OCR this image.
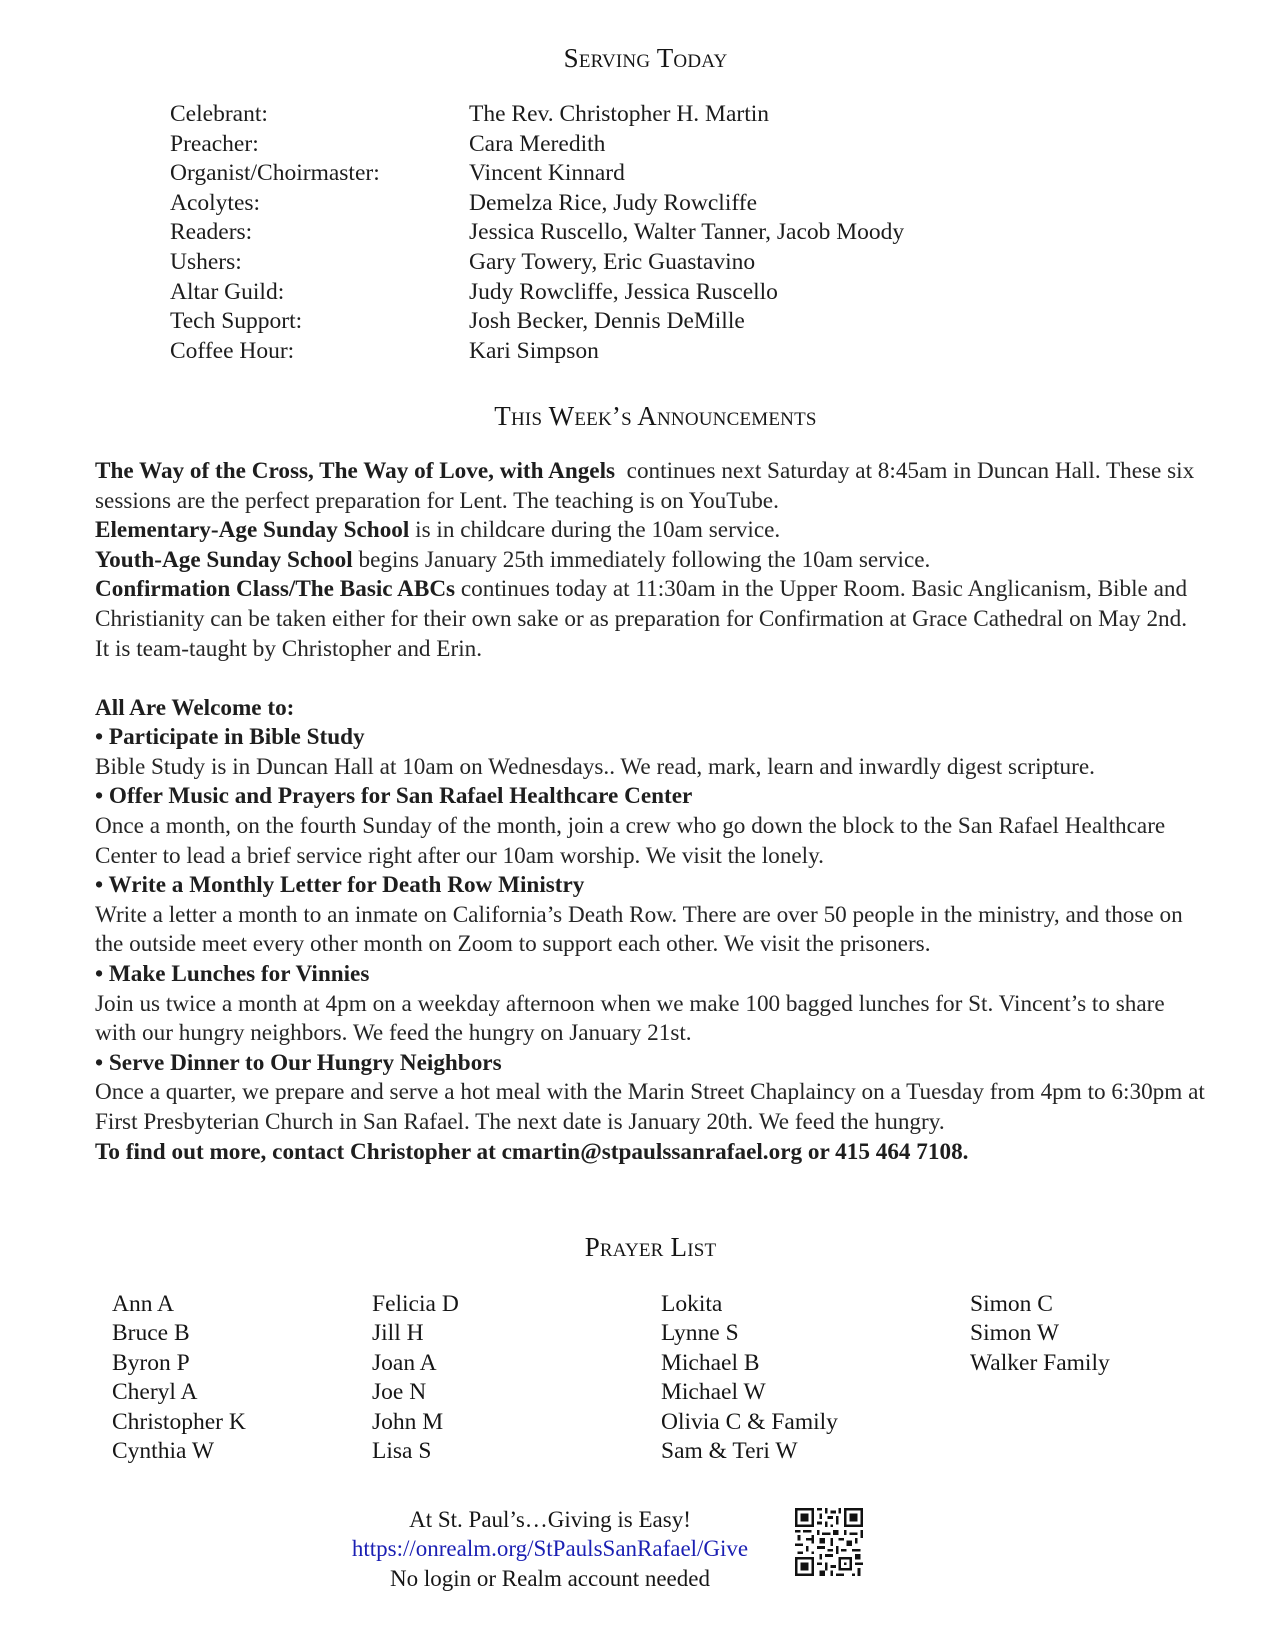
Serving Today
Celebrant:	The Rev. Christopher H. Martin
Preacher:	Cara Meredith
Organist/Choirmaster:	Vincent Kinnard
Acolytes:	Demelza Rice, Judy Rowcliffe
Readers:	Jessica Ruscello, Walter Tanner, Jacob Moody
Ushers:	Gary Towery, Eric Guastavino
Altar Guild:	Judy Rowcliffe, Jessica Ruscello
Tech Support:	Josh Becker, Dennis DeMille
Coffee Hour:	Kari Simpson
This Week’s Announcements

The Way of the Cross, The Way of Love, with Angels  continues next Saturday at 8:45am in Duncan Hall. These six sessions are the perfect preparation for Lent. The teaching is on YouTube.

Elementary-Age Sunday School is in childcare during the 10am service.

Youth-Age Sunday School begins January 25th immediately following the 10am service.

Confirmation Class/The Basic ABCs continues today at 11:30am in the Upper Room. Basic Anglicanism, Bible and Christianity can be taken either for their own sake or as preparation for Confirmation at Grace Cathedral on May 2nd. It is team-taught by Christopher and Erin.

All Are Welcome to:

• Participate in Bible Study

Bible Study is in Duncan Hall at 10am on Wednesdays.. We read, mark, learn and inwardly digest scripture.

• Offer Music and Prayers for San Rafael Healthcare Center

Once a month, on the fourth Sunday of the month, join a crew who go down the block to the San Rafael Healthcare Center to lead a brief service right after our 10am worship. We visit the lonely.

• Write a Monthly Letter for Death Row Ministry

Write a letter a month to an inmate on California’s Death Row. There are over 50 people in the ministry, and those on the outside meet every other month on Zoom to support each other. We visit the prisoners.

• Make Lunches for Vinnies

Join us twice a month at 4pm on a weekday afternoon when we make 100 bagged lunches for St. Vincent’s to share with our hungry neighbors. We feed the hungry on January 21st.

• Serve Dinner to Our Hungry Neighbors

Once a quarter, we prepare and serve a hot meal with the Marin Street Chaplaincy on a Tuesday from 4pm to 6:30pm at First Presbyterian Church in San Rafael. The next date is January 20th. We feed the hungry.

To find out more, contact Christopher at cmartin@stpaulssanrafael.org or 415 464 7108.

Prayer List
Ann A
Bruce B
Byron P
Cheryl A
Christopher K
Cynthia W
Felicia D
Jill H
Joan A
Joe N
John M
Lisa S
Lokita
Lynne S
Michael B
Michael W
Olivia C & Family
Sam & Teri W
Simon C
Simon W
Walker Family
At St. Paul’s…Giving is Easy!
https://onrealm.org/StPaulsSanRafael/Give
No login or Realm account needed
